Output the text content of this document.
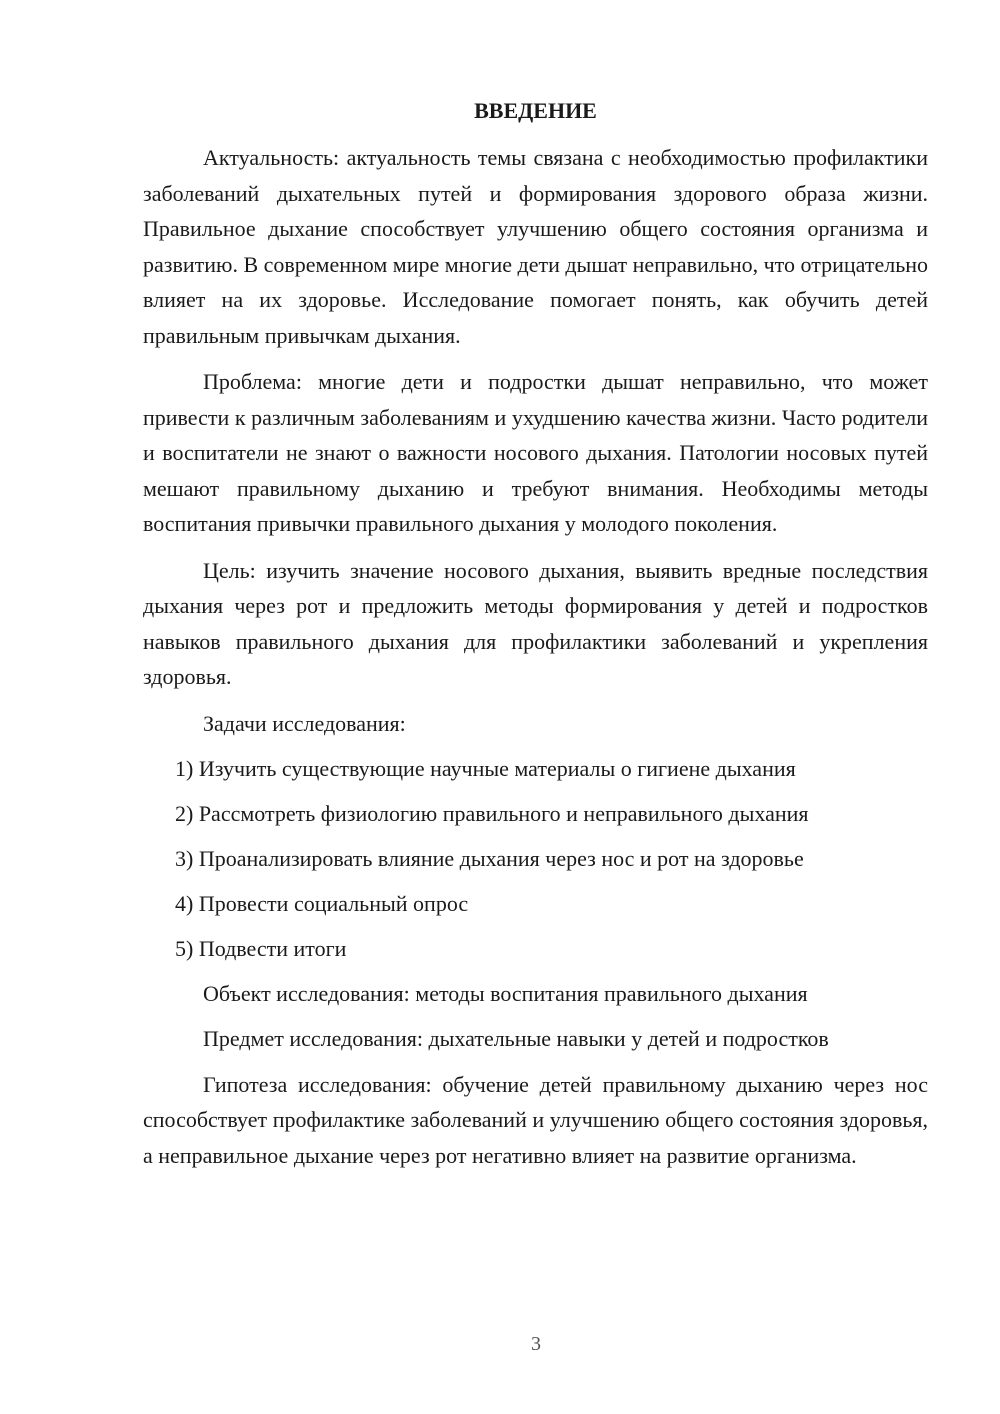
ВВЕДЕНИЕ

Актуальность: актуальность темы связана с необходимостью профилактики заболеваний дыхательных путей и формирования здорового образа жизни. Правильное дыхание способствует улучшению общего состояния организма и развитию. В современном мире многие дети дышат неправильно, что отрицательно влияет на их здоровье. Исследование помогает понять, как обучить детей правильным привычкам дыхания.

Проблема: многие дети и подростки дышат неправильно, что может привести к различным заболеваниям и ухудшению качества жизни. Часто родители и воспитатели не знают о важности носового дыхания. Патологии носовых путей мешают правильному дыханию и требуют внимания. Необходимы методы воспитания привычки правильного дыхания у молодого поколения.

Цель: изучить значение носового дыхания, выявить вредные последствия дыхания через рот и предложить методы формирования у детей и подростков навыков правильного дыхания для профилактики заболеваний и укрепления здоровья.

Задачи исследования:
1) Изучить существующие научные материалы о гигиене дыхания
2) Рассмотреть физиологию правильного и неправильного дыхания
3) Проанализировать влияние дыхания через нос и рот на здоровье
4) Провести социальный опрос
5) Подвести итоги

Объект исследования: методы воспитания правильного дыхания

Предмет исследования: дыхательные навыки у детей и подростков

Гипотеза исследования: обучение детей правильному дыханию через нос способствует профилактике заболеваний и улучшению общего состояния здоровья, а неправильное дыхание через рот негативно влияет на развитие организма.

3
